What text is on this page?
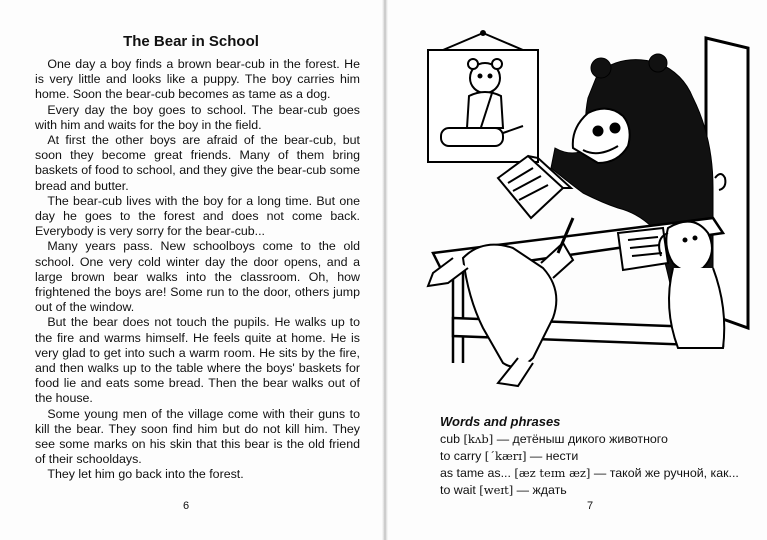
The Bear in School

 One day a boy finds a brown bear-cub in the forest. He is very little and looks like a puppy. The boy carries him home. Soon the bear-cub becomes as tame as a dog.

 Every day the boy goes to school. The bear-cub goes with him and waits for the boy in the field.

 At first the other boys are afraid of the bear-cub, but soon they become great friends. Many of them bring baskets of food to school, and they give the bear-cub some bread and butter.

 The bear-cub lives with the boy for a long time. But one day he goes to the forest and does not come back. Everybody is very sorry for the bear-cub...

 Many years pass. New schoolboys come to the old school. One very cold winter day the door opens, and a large brown bear walks into the classroom. Oh, how frightened the boys are! Some run to the door, others jump out of the window.

 But the bear does not touch the pupils. He walks up to the fire and warms himself. He feels quite at home. He is very glad to get into such a warm room. He sits by the fire, and then walks up to the table where the boys' baskets for food lie and eats some bread. Then the bear walks out of the house.

 Some young men of the village come with their guns to kill the bear. They soon find him but do not kill him. They see some marks on his skin that this bear is the old friend of their schooldays.

 They let him go back into the forest.

6
Words and phrases
cub [kʌb] — детёныш дикого животного
to carry [ˊkærɪ] — нести
as tame as... [æz teɪm æz] — такой же ручной, как...
to wait [weɪt] — ждать
7
